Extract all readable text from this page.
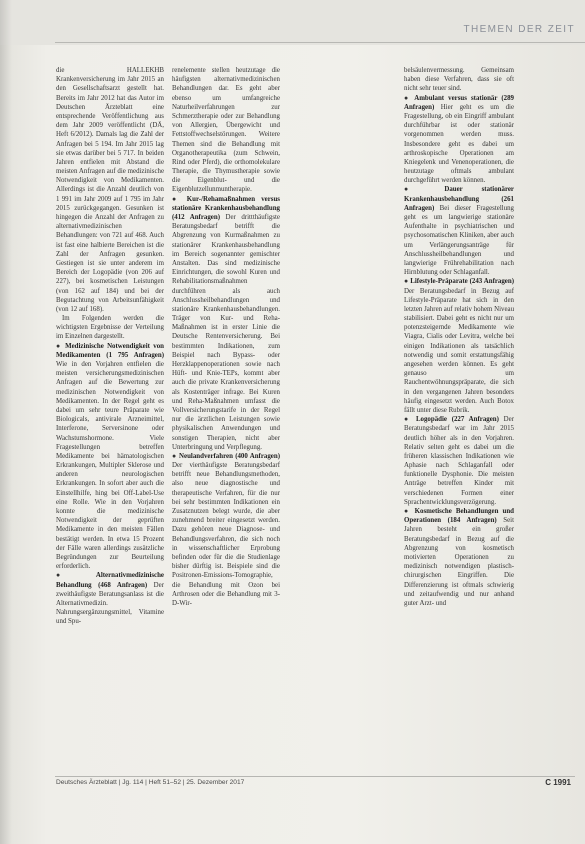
THEMEN DER ZEIT

die HALLEKHB Krankenversicherung im Jahr 2015 an den Gesellschaftsarzt gestellt hat. Bereits im Jahr 2012 hat das Autor im Deutschen Ärzteblatt eine entsprechende Veröffentlichung aus dem Jahr 2009 veröffentlicht (DÄ, Heft 6/2012). Damals lag die Zahl der Anfragen bei 5 194. Im Jahr 2015 lag sie etwas darüber bei 5 717. In beiden Jahren entfielen mit Abstand die meisten Anfragen auf die medizinische Notwendigkeit von Medikamenten. Allerdings ist die Anzahl deutlich von 1 991 im Jahr 2009 auf 1 795 im Jahr 2015 zurückgegangen. Gesunken ist hingegen die Anzahl der Anfragen zu alternativmedizinischen Behandlungen: von 721 auf 468. Auch ist fast eine halbierte Bereichen ist die Zahl der Anfragen gesunken. Gestiegen ist sie unter anderem im Bereich der Logopädie (von 206 auf 227), bei kosmetischen Leistungen (von 162 auf 184) und bei der Begutachtung von Arbeitsunfähigkeit (von 12 auf 168).

Im Folgenden werden die wichtigsten Ergebnisse der Verteilung im Einzelnen dargestellt.

● Medizinische Notwendigkeit von Medikamenten (1 795 Anfragen) Wie in den Vorjahren entfielen die meisten versicherungsmedizinischen Anfragen auf die Bewertung zur medizinischen Notwendigkeit von Medikamenten. In der Regel geht es dabei um sehr teure Präparate wie Biologicals, antivirale Arzneimittel, Interferone, Serversinone oder Wachstumshormone. Viele Fragestellungen betreffen Medikamente bei hämatologischen Erkrankungen, Multipler Sklerose und anderen neurologischen Erkrankungen. In sofort aber auch die Einstellhilfe, hing bei Off-Label-Use eine Rolle. Wie in den Vorjahren konnte die medizinische Notwendigkeit der geprüften Medikamente in den meisten Fällen bestätigt werden. In etwa 15 Prozent der Fälle waren allerdings zusätzliche Begründungen zur Beurteilung erforderlich.

● Alternativmedizinische Behandlung (468 Anfragen) Der zweithäufigste Beratungsanlass ist die Alternativmedizin. Nahrungsergänzungsmittel, Vitamine und Spu-

renelemente stellen heutzutage die häufigsten alternativmedizinischen Behandlungen dar. Es geht aber ebenso um umfangreiche Naturheilverfahrungen zur Schmerztherapie oder zur Behandlung von Allergien, Übergewicht und Fettstoffwechselstörungen. Weitere Themen sind die Behandlung mit Organotherapeutika (zum Schwein, Rind oder Pferd), die orthomolekulare Therapie, die Thymustherapie sowie die Eigenblut- und die Eigenblutzellunmuntherapie.

● Kur-/Rehamaßnahmen versus stationäre Krankenhausbehandlung (412 Anfragen) Der drittthäufigste Beratungsbedarf betrifft die Abgrenzung von Kurmaßnahmen zu stationärer Krankenhausbehandlung im Bereich sogenannter gemischter Anstalten. Das sind medizinische Einrichtungen, die sowohl Kuren und Rehabilitationsmaßnahmen durchführen als auch Anschlussheilbehandlungen und stationäre Krankenhausbehandlungen. Träger von Kur- und Reha-Maßnahmen ist in erster Linie die Deutsche Rentenversicherung. Bei bestimmten Indikationen, zum Beispiel nach Bypass- oder Herzklappenoperationen sowie nach Hüft- und Knie-TEPs, kommt aber auch die private Krankenversicherung als Kostenträger infrage. Bei Kuren und Reha-Maßnahmen umfasst die Vollversicherungstarife in der Regel nur die ärztlichen Leistungen sowie physikalischen Anwendungen und sonstigen Therapien, nicht aber Unterbringung und Verpflegung.

● Neulandverfahren (400 Anfragen) Der vierthäufigste Beratungsbedarf betrifft neue Behandlungsmethoden, also neue diagnostische und therapeutische Verfahren, für die nur bei sehr bestimmten Indikationen ein Zusatznutzen belegt wurde, die aber zunehmend breiter eingesetzt werden. Dazu gehören neue Diagnose- und Behandlungsverfahren, die sich noch in wissenschaftlicher Erprobung befinden oder für die die Studienlage bisher dürftig ist. Beispiele sind die Positronen-Emissions-Tomographie, die Behandlung mit Ozon bei Arthrosen oder die Behandlung mit 3-D-Wir-

belsäulenvermessung. Gemeinsam haben diese Verfahren, dass sie oft nicht sehr teuer sind.

● Ambulant versus stationär (289 Anfragen) Hier geht es um die Fragestellung, ob ein Eingriff ambulant durchführbar ist oder stationär vorgenommen werden muss. Insbesondere geht es dabei um arthroskopische Operationen am Kniegelenk und Venenoperationen, die heutzutage oftmals ambulant durchgeführt werden können.

● Dauer stationärer Krankenhausbehandlung (261 Anfragen) Bei dieser Fragestellung geht es um langwierige stationäre Aufenthalte in psychiatrischen und psychosomatischen Kliniken, aber auch um Verlängerungsanträge für Anschlussheilbehandlungen und langwierige Frührehabilitation nach Hirnblutung oder Schlaganfall.

● Lifestyle-Präparate (243 Anfragen) Der Beratungsbedarf in Bezug auf Lifestyle-Präparate hat sich in den letzten Jahren auf relativ hohem Niveau stabilisiert. Dabei geht es nicht nur um potenzsteigernde Medikamente wie Viagra, Cialis oder Levitra, welche bei einigen Indikationen als tatsächlich notwendig und somit erstattungsfähig angesehen werden können. Es geht genauso um Rauchentwöhnungspräparate, die sich in den vergangenen Jahren besonders häufig eingesetzt werden. Auch Botox fällt unter diese Rubrik.

● Logopädie (227 Anfragen) Der Beratungsbedarf war im Jahr 2015 deutlich höher als in den Vorjahren. Relativ selten geht es dabei um die früheren klassischen Indikationen wie Aphasie nach Schlaganfall oder funktionelle Dysphonie. Die meisten Anträge betreffen Kinder mit verschiedenen Formen einer Sprachentwicklungsverzögerung.

● Kosmetische Behandlungen und Operationen (184 Anfragen) Seit Jahren besteht ein großer Beratungsbedarf in Bezug auf die Abgrenzung von kosmetisch motivierten Operationen zu medizinisch notwendigen plastisch-chirurgischen Eingriffen. Die Differenzierung ist oftmals schwierig und zeitaufwendig und nur anhand guter Arzt- und

Deutsches Ärzteblatt | Jg. 114 | Heft 51–52 | 25. Dezember 2017	C 1991
